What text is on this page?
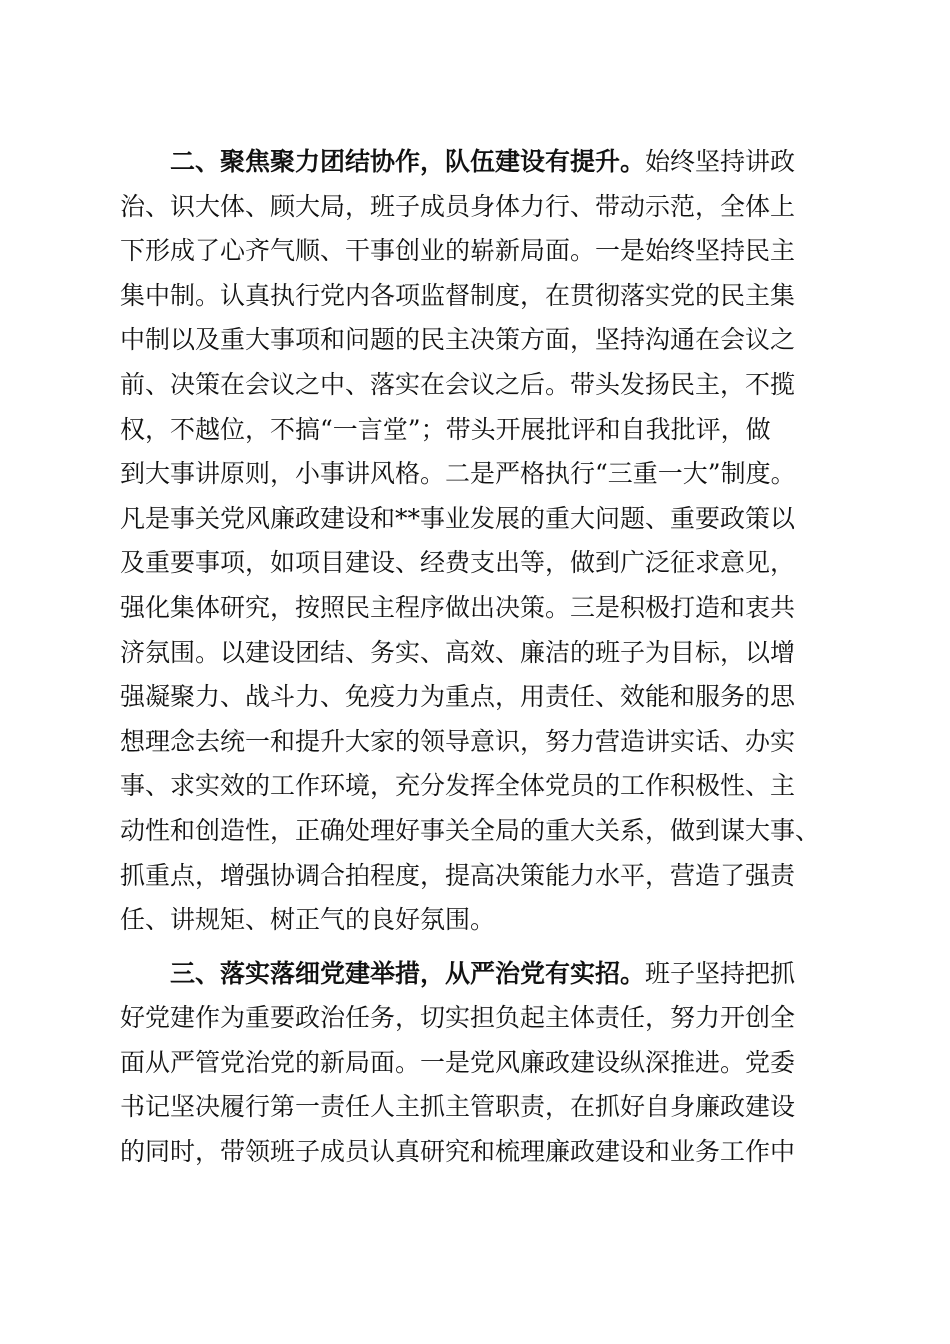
　　二、聚焦聚力团结协作，队伍建设有提升。始终坚持讲政
治、识大体、顾大局，班子成员身体力行、带动示范，全体上
下形成了心齐气顺、干事创业的崭新局面。一是始终坚持民主
集中制。认真执行党内各项监督制度，在贯彻落实党的民主集
中制以及重大事项和问题的民主决策方面，坚持沟通在会议之
前、决策在会议之中、落实在会议之后。带头发扬民主，不揽
权，不越位，不搞“一言堂”；带头开展批评和自我批评，做
到大事讲原则，小事讲风格。二是严格执行“三重一大”制度。
凡是事关党风廉政建设和**事业发展的重大问题、重要政策以
及重要事项，如项目建设、经费支出等，做到广泛征求意见，
强化集体研究，按照民主程序做出决策。三是积极打造和衷共
济氛围。以建设团结、务实、高效、廉洁的班子为目标，以增
强凝聚力、战斗力、免疫力为重点，用责任、效能和服务的思
想理念去统一和提升大家的领导意识，努力营造讲实话、办实
事、求实效的工作环境，充分发挥全体党员的工作积极性、主
动性和创造性，正确处理好事关全局的重大关系，做到谋大事、
抓重点，增强协调合拍程度，提高决策能力水平，营造了强责
任、讲规矩、树正气的良好氛围。
　　三、落实落细党建举措，从严治党有实招。班子坚持把抓
好党建作为重要政治任务，切实担负起主体责任，努力开创全
面从严管党治党的新局面。一是党风廉政建设纵深推进。党委
书记坚决履行第一责任人主抓主管职责，在抓好自身廉政建设
的同时，带领班子成员认真研究和梳理廉政建设和业务工作中
